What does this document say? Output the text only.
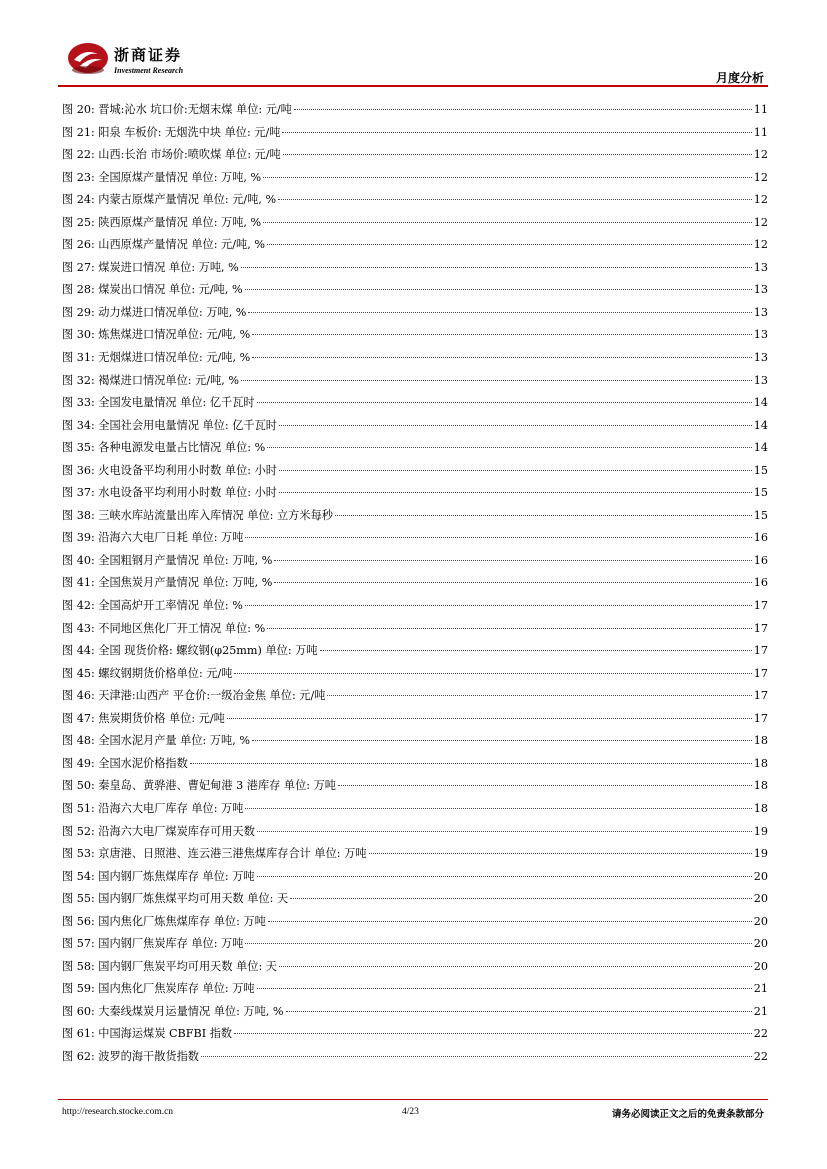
浙商证券
Investment Research
月度分析
图 20: 晋城:沁水 坑口价:无烟末煤 单位: 元/吨	11
图 21: 阳泉 车板价: 无烟洗中块 单位: 元/吨	11
图 22: 山西:长治 市场价:喷吹煤 单位: 元/吨	12
图 23: 全国原煤产量情况 单位: 万吨, %	12
图 24: 内蒙古原煤产量情况 单位: 元/吨, %	12
图 25: 陕西原煤产量情况 单位: 万吨, %	12
图 26: 山西原煤产量情况 单位: 元/吨, %	12
图 27: 煤炭进口情况 单位: 万吨, %	13
图 28: 煤炭出口情况 单位: 元/吨, %	13
图 29: 动力煤进口情况单位: 万吨, %	13
图 30: 炼焦煤进口情况单位: 元/吨, %	13
图 31: 无烟煤进口情况单位: 元/吨, %	13
图 32: 褐煤进口情况单位: 元/吨, %	13
图 33: 全国发电量情况 单位: 亿千瓦时	14
图 34: 全国社会用电量情况 单位: 亿千瓦时	14
图 35: 各种电源发电量占比情况 单位: %	14
图 36: 火电设备平均利用小时数 单位: 小时	15
图 37: 水电设备平均利用小时数 单位: 小时	15
图 38: 三峡水库站流量出库入库情况 单位: 立方米每秒	15
图 39: 沿海六大电厂日耗 单位: 万吨	16
图 40: 全国粗钢月产量情况 单位: 万吨, %	16
图 41: 全国焦炭月产量情况 单位: 万吨, %	16
图 42: 全国高炉开工率情况 单位: %	17
图 43: 不同地区焦化厂开工情况 单位: %	17
图 44: 全国 现货价格: 螺纹钢(φ25mm) 单位: 万吨	17
图 45: 螺纹钢期货价格单位: 元/吨	17
图 46: 天津港:山西产 平仓价:一级冶金焦 单位: 元/吨	17
图 47: 焦炭期货价格 单位: 元/吨	17
图 48: 全国水泥月产量 单位: 万吨, %	18
图 49: 全国水泥价格指数	18
图 50: 秦皇岛、黄骅港、曹妃甸港 3 港库存 单位: 万吨	18
图 51: 沿海六大电厂库存 单位: 万吨	18
图 52: 沿海六大电厂煤炭库存可用天数	19
图 53: 京唐港、日照港、连云港三港焦煤库存合计 单位: 万吨	19
图 54: 国内钢厂炼焦煤库存 单位: 万吨	20
图 55: 国内钢厂炼焦煤平均可用天数 单位: 天	20
图 56: 国内焦化厂炼焦煤库存 单位: 万吨	20
图 57: 国内钢厂焦炭库存 单位: 万吨	20
图 58: 国内钢厂焦炭平均可用天数 单位: 天	20
图 59: 国内焦化厂焦炭库存 单位: 万吨	21
图 60: 大秦线煤炭月运量情况 单位: 万吨, %	21
图 61: 中国海运煤炭 CBFBI 指数	22
图 62: 波罗的海干散货指数	22
http://research.stocke.com.cn	4/23	请务必阅读正文之后的免责条款部分
